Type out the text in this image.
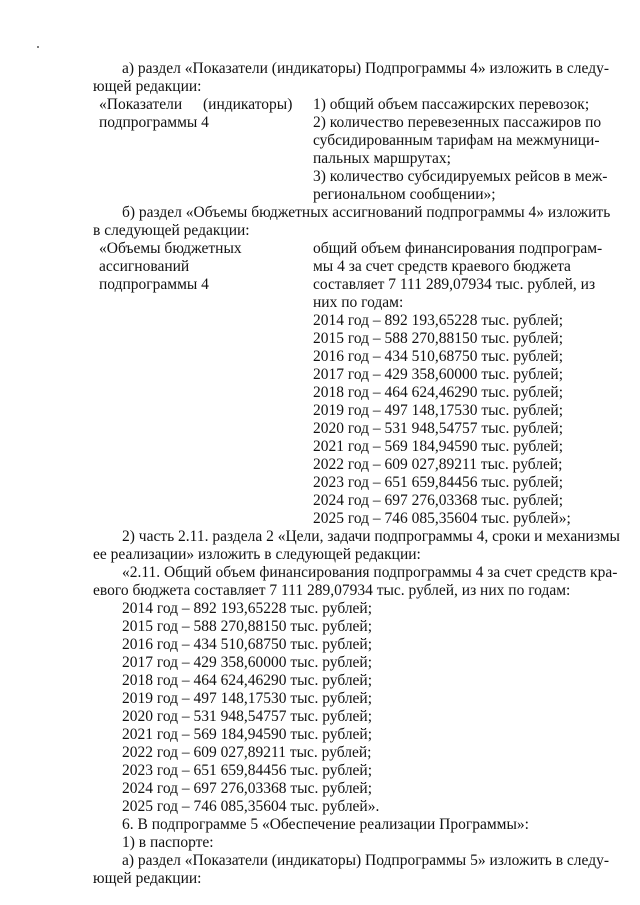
а) раздел «Показатели (индикаторы) Подпрограммы 4» изложить в следу-
ющей редакции:
«Показатели (индикаторы)
подпрограммы 4
1) общий объем пассажирских перевозок;
2) количество перевезенных пассажиров по
субсидированным тарифам на межмуници-
пальных маршрутах;
3) количество субсидируемых рейсов в меж-
региональном сообщении»;
б) раздел «Объемы бюджетных ассигнований подпрограммы 4» изложить
в следующей редакции:
«Объемы бюджетных
ассигнований
подпрограммы 4
общий объем финансирования подпрограм-
мы 4 за счет средств краевого бюджета
составляет 7 111 289,07934 тыс. рублей, из
них по годам:
2014 год – 892 193,65228 тыс. рублей;
2015 год – 588 270,88150 тыс. рублей;
2016 год – 434 510,68750 тыс. рублей;
2017 год – 429 358,60000 тыс. рублей;
2018 год – 464 624,46290 тыс. рублей;
2019 год – 497 148,17530 тыс. рублей;
2020 год – 531 948,54757 тыс. рублей;
2021 год – 569 184,94590 тыс. рублей;
2022 год – 609 027,89211 тыс. рублей;
2023 год – 651 659,84456 тыс. рублей;
2024 год – 697 276,03368 тыс. рублей;
2025 год – 746 085,35604 тыс. рублей»;
2) часть 2.11. раздела 2 «Цели, задачи подпрограммы 4, сроки и механизмы
ее реализации» изложить в следующей редакции:
«2.11. Общий объем финансирования подпрограммы 4 за счет средств кра-
евого бюджета составляет 7 111 289,07934 тыс. рублей, из них по годам:
2014 год – 892 193,65228 тыс. рублей;
2015 год – 588 270,88150 тыс. рублей;
2016 год – 434 510,68750 тыс. рублей;
2017 год – 429 358,60000 тыс. рублей;
2018 год – 464 624,46290 тыс. рублей;
2019 год – 497 148,17530 тыс. рублей;
2020 год – 531 948,54757 тыс. рублей;
2021 год – 569 184,94590 тыс. рублей;
2022 год – 609 027,89211 тыс. рублей;
2023 год – 651 659,84456 тыс. рублей;
2024 год – 697 276,03368 тыс. рублей;
2025 год – 746 085,35604 тыс. рублей».
6. В подпрограмме 5 «Обеспечение реализации Программы»:
1) в паспорте:
а) раздел «Показатели (индикаторы) Подпрограммы 5» изложить в следу-
ющей редакции:
